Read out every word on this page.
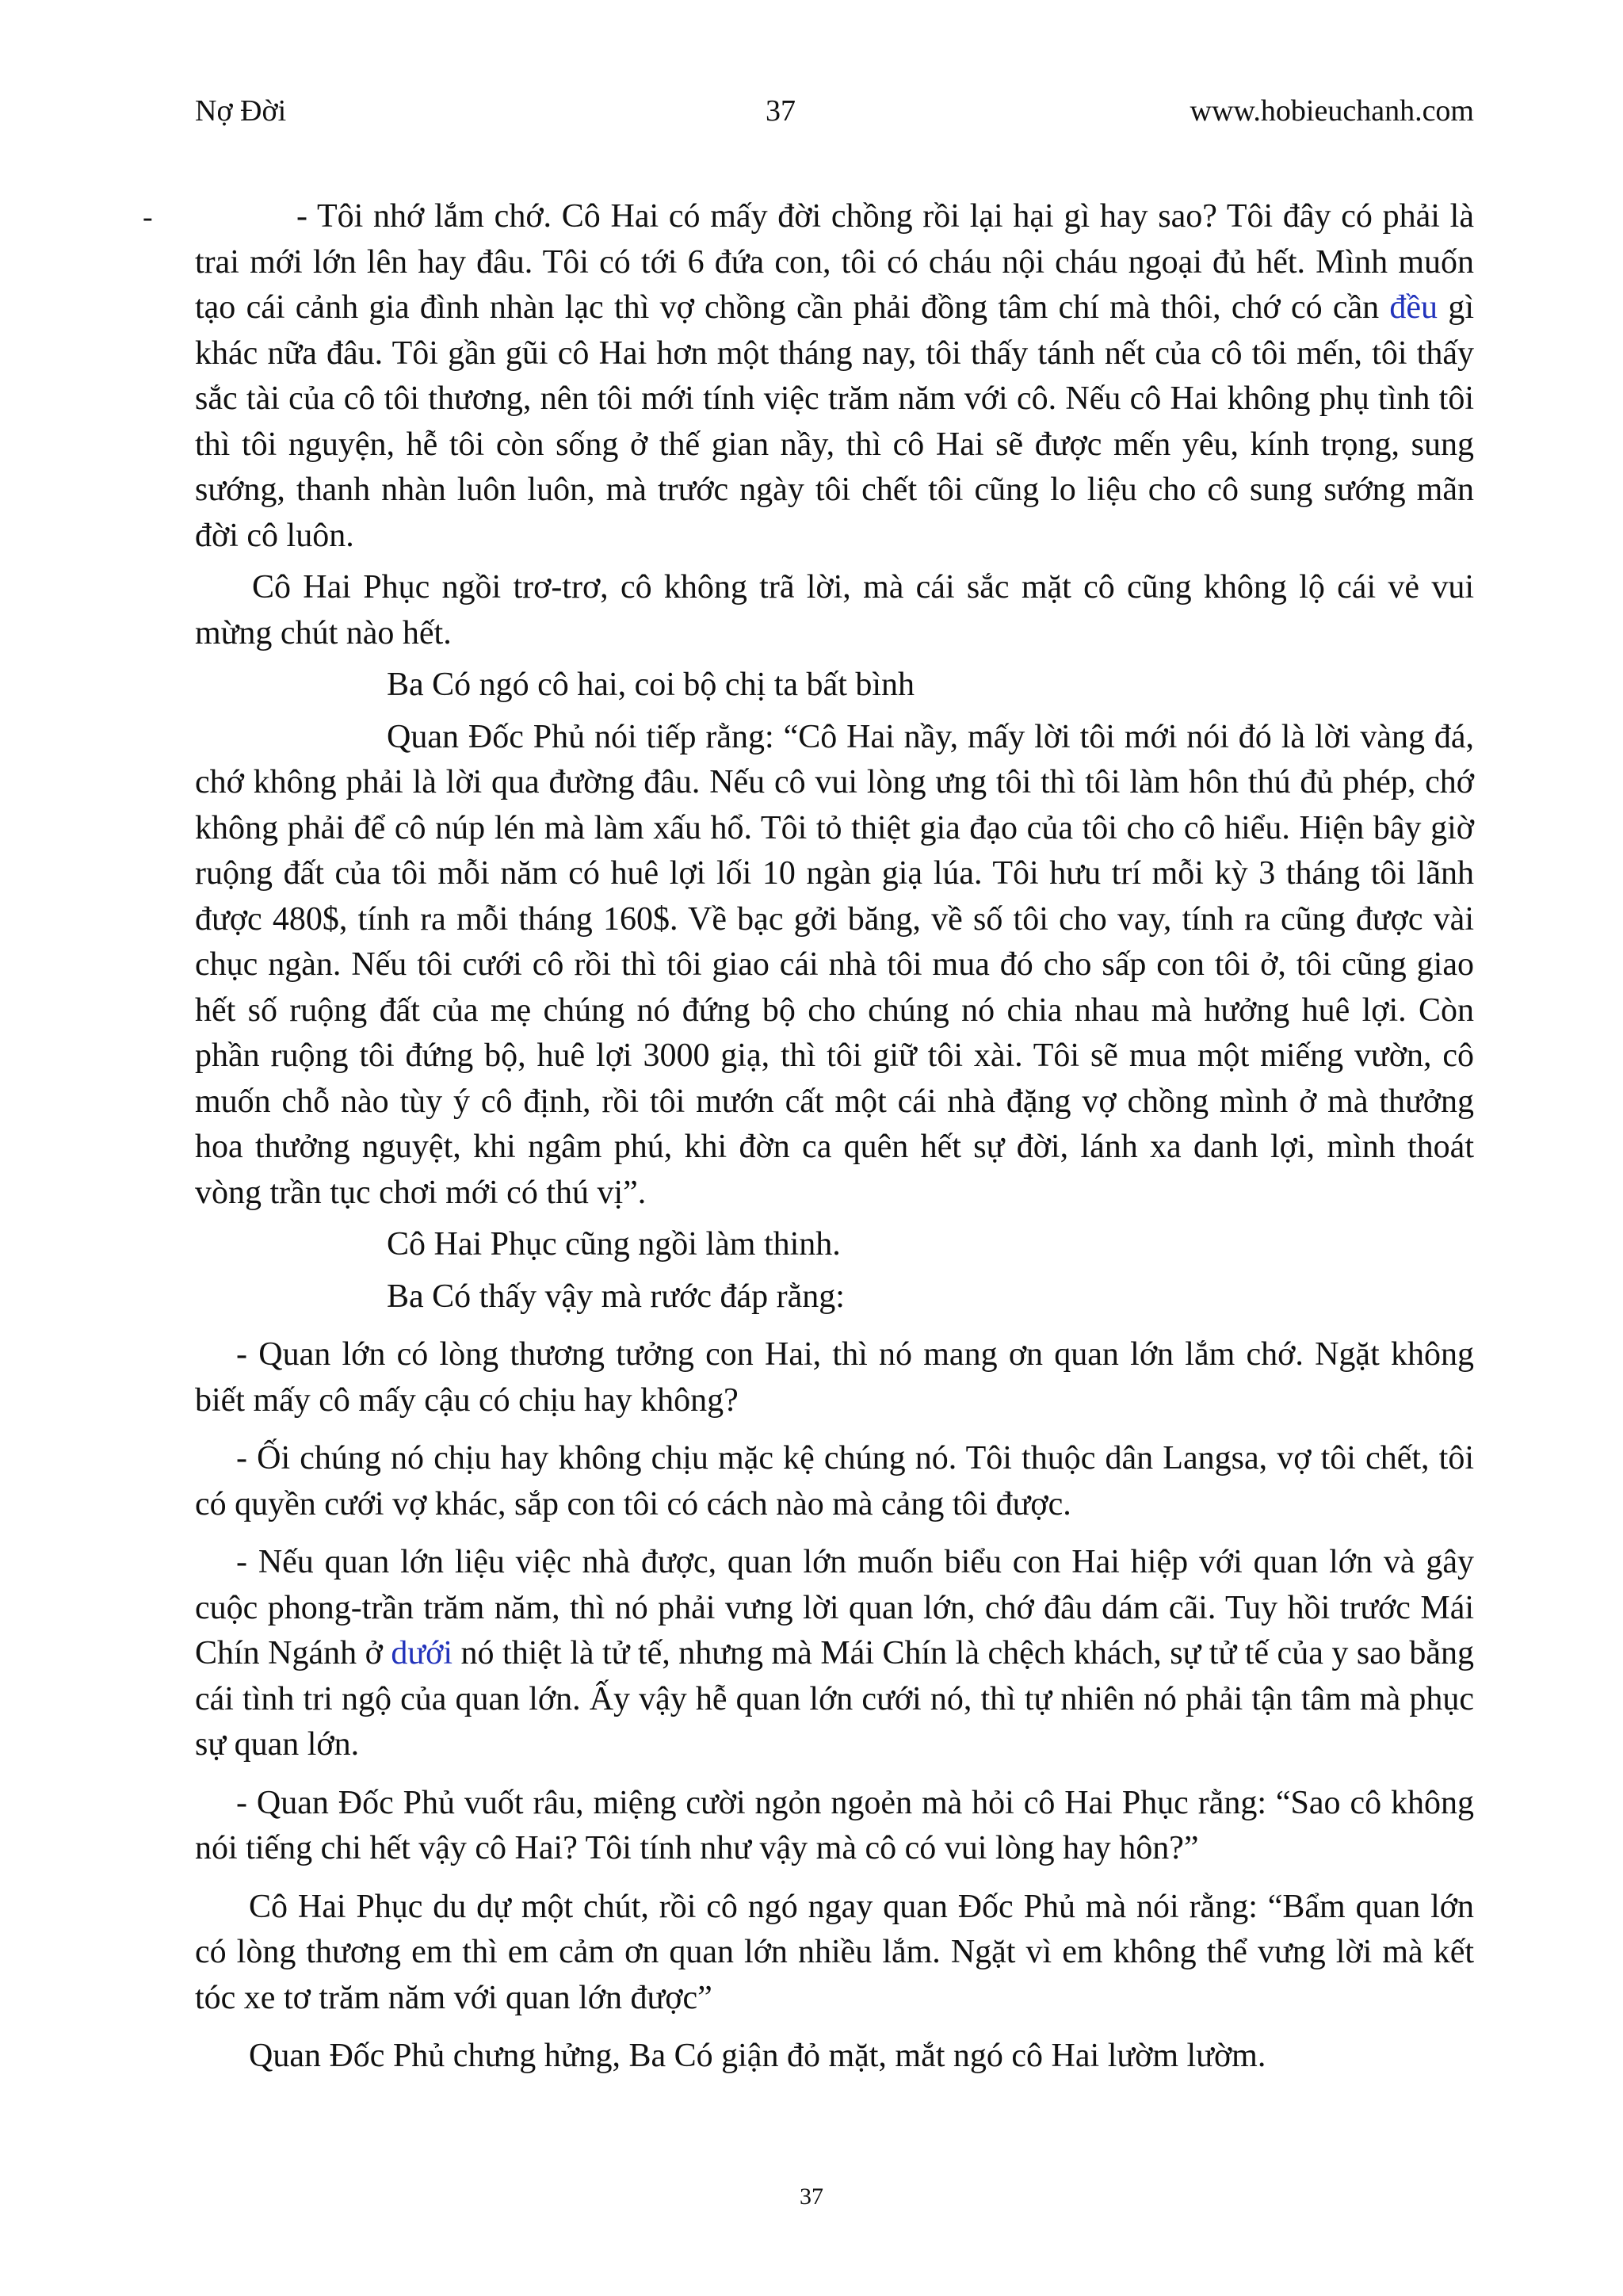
Nợ Đời	37	www.hobieuchanh.com
-	- Tôi nhớ lắm chớ. Cô Hai có mấy đời chồng rồi lại hại gì hay sao? Tôi đây có phải là trai mới lớn lên hay đâu. Tôi có tới 6 đứa con, tôi có cháu nội cháu ngoại đủ hết. Mình muốn tạo cái cảnh gia đình nhàn lạc thì vợ chồng cần phải đồng tâm chí mà thôi, chớ có cần đều gì khác nữa đâu. Tôi gần gũi cô Hai hơn một tháng nay, tôi thấy tánh nết của cô tôi mến, tôi thấy sắc tài của cô tôi thương, nên tôi mới tính việc trăm năm với cô. Nếu cô Hai không phụ tình tôi thì tôi nguyện, hễ tôi còn sống ở thế gian nầy, thì cô Hai sẽ được mến yêu, kính trọng, sung sướng, thanh nhàn luôn luôn, mà trước ngày tôi chết tôi cũng lo liệu cho cô sung sướng mãn đời cô luôn.

Cô Hai Phục ngồi trơ-trơ, cô không trã lời, mà cái sắc mặt cô cũng không lộ cái vẻ vui mừng chút nào hết.

Ba Có ngó cô hai, coi bộ chị ta bất bình

Quan Đốc Phủ nói tiếp rằng: “Cô Hai nầy, mấy lời tôi mới nói đó là lời vàng đá, chớ không phải là lời qua đường đâu. Nếu cô vui lòng ưng tôi thì tôi làm hôn thú đủ phép, chớ không phải để cô núp lén mà làm xấu hổ. Tôi tỏ thiệt gia đạo của tôi cho cô hiểu. Hiện bây giờ ruộng đất của tôi mỗi năm có huê lợi lối 10 ngàn giạ lúa. Tôi hưu trí mỗi kỳ 3 tháng tôi lãnh được 480$, tính ra mỗi tháng 160$. Về bạc gởi băng, về số tôi cho vay, tính ra cũng được vài chục ngàn. Nếu tôi cưới cô rồi thì tôi giao cái nhà tôi mua đó cho sấp con tôi ở, tôi cũng giao hết số ruộng đất của mẹ chúng nó đứng bộ cho chúng nó chia nhau mà hưởng huê lợi. Còn phần ruộng tôi đứng bộ, huê lợi 3000 giạ, thì tôi giữ tôi xài. Tôi sẽ mua một miếng vườn, cô muốn chỗ nào tùy ý cô định, rồi tôi mướn cất một cái nhà đặng vợ chồng mình ở mà thưởng hoa thưởng nguyệt, khi ngâm phú, khi đờn ca quên hết sự đời, lánh xa danh lợi, mình thoát vòng trần tục chơi mới có thú vị”.

Cô Hai Phục cũng ngồi làm thinh.

Ba Có thấy vậy mà rước đáp rằng:

- Quan lớn có lòng thương tưởng con Hai, thì nó mang ơn quan lớn lắm chớ. Ngặt không biết mấy cô mấy cậu có chịu hay không?

- Ối chúng nó chịu hay không chịu mặc kệ chúng nó. Tôi thuộc dân Langsa, vợ tôi chết, tôi có quyền cưới vợ khác, sắp con tôi có cách nào mà cảng tôi được.

- Nếu quan lớn liệu việc nhà được, quan lớn muốn biểu con Hai hiệp với quan lớn và gây cuộc phong-trần trăm năm, thì nó phải vưng lời quan lớn, chớ đâu dám cãi. Tuy hồi trước Mái Chín Ngánh ở dưới nó thiệt là tử tế, nhưng mà Mái Chín là chệch khách, sự tử tế của y sao bằng cái tình tri ngộ của quan lớn. Ấy vậy hễ quan lớn cưới nó, thì tự nhiên nó phải tận tâm mà phục sự quan lớn.

- Quan Đốc Phủ vuốt râu, miệng cười ngỏn ngoẻn mà hỏi cô Hai Phục rằng: “Sao cô không nói tiếng chi hết vậy cô Hai? Tôi tính như vậy mà cô có vui lòng hay hôn?”

Cô Hai Phục du dự một chút, rồi cô ngó ngay quan Đốc Phủ mà nói rằng: “Bẩm quan lớn có lòng thương em thì em cảm ơn quan lớn nhiều lắm. Ngặt vì em không thể vưng lời mà kết tóc xe tơ trăm năm với quan lớn được”

Quan Đốc Phủ chưng hửng, Ba Có giận đỏ mặt, mắt ngó cô Hai lườm lườm.

37
